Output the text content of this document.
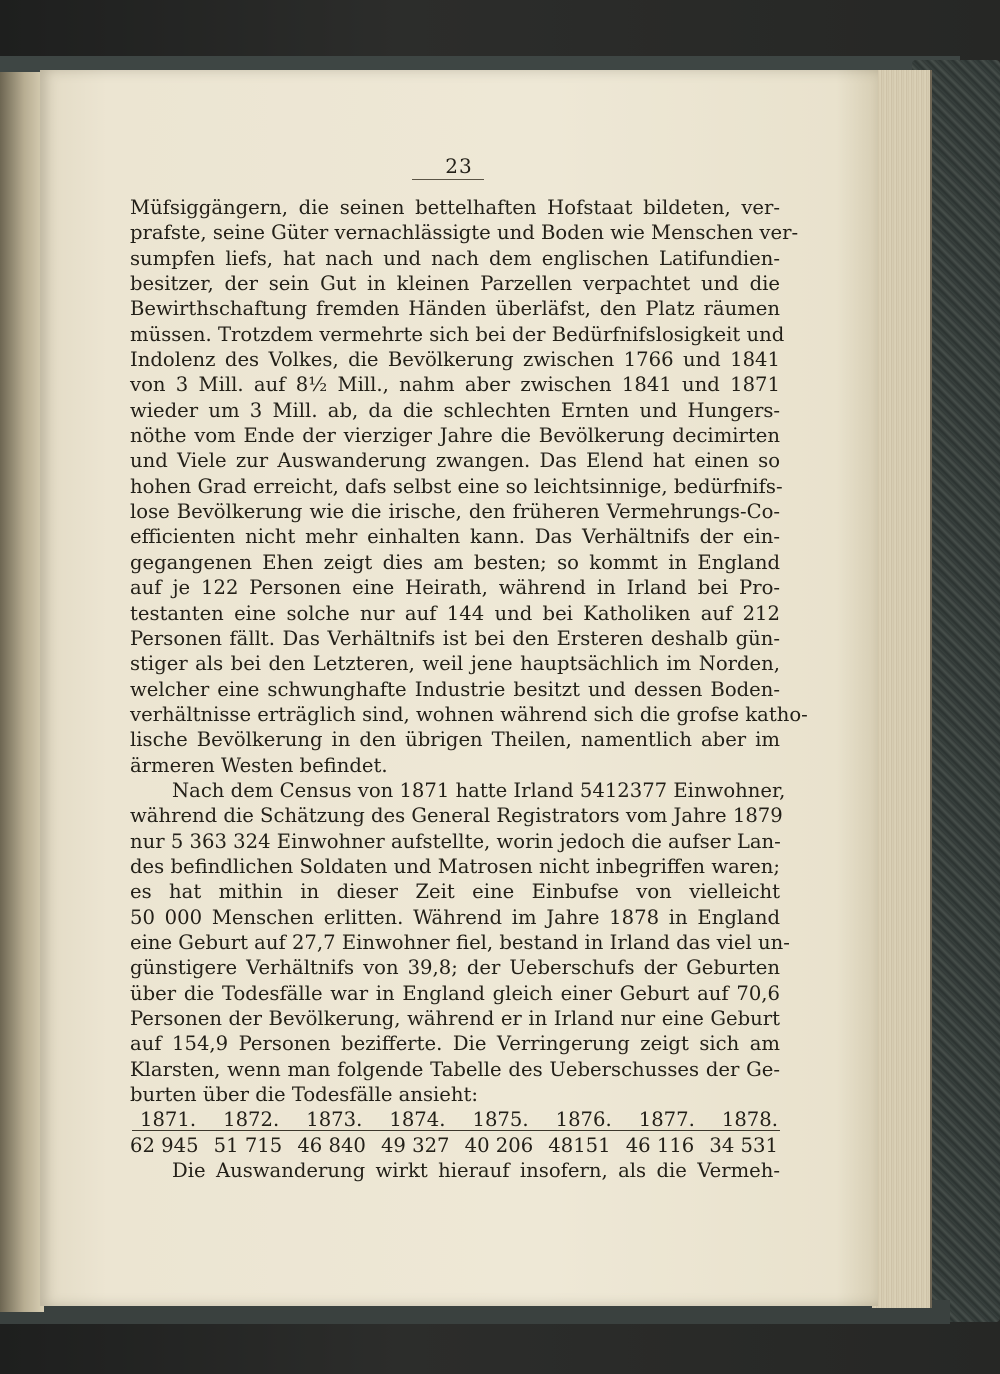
23
Müfsiggängern, die seinen bettelhaften Hofstaat bildeten, ver-
prafste, seine Güter vernachlässigte und Boden wie Menschen ver-
sumpfen liefs, hat nach und nach dem englischen Latifundien-
besitzer, der sein Gut in kleinen Parzellen verpachtet und die
Bewirthschaftung fremden Händen überläfst, den Platz räumen
müssen. Trotzdem vermehrte sich bei der Bedürfnifslosigkeit und
Indolenz des Volkes, die Bevölkerung zwischen 1766 und 1841
von 3 Mill. auf 8½ Mill., nahm aber zwischen 1841 und 1871
wieder um 3 Mill. ab, da die schlechten Ernten und Hungers-
nöthe vom Ende der vierziger Jahre die Bevölkerung decimirten
und Viele zur Auswanderung zwangen. Das Elend hat einen so
hohen Grad erreicht, dafs selbst eine so leichtsinnige, bedürfnifs-
lose Bevölkerung wie die irische, den früheren Vermehrungs-Co-
efficienten nicht mehr einhalten kann. Das Verhältnifs der ein-
gegangenen Ehen zeigt dies am besten; so kommt in England
auf je 122 Personen eine Heirath, während in Irland bei Pro-
testanten eine solche nur auf 144 und bei Katholiken auf 212
Personen fällt. Das Verhältnifs ist bei den Ersteren deshalb gün-
stiger als bei den Letzteren, weil jene hauptsächlich im Norden,
welcher eine schwunghafte Industrie besitzt und dessen Boden-
verhältnisse erträglich sind, wohnen während sich die grofse katho-
lische Bevölkerung in den übrigen Theilen, namentlich aber im
ärmeren Westen befindet.
Nach dem Census von 1871 hatte Irland 5412377 Einwohner,
während die Schätzung des General Registrators vom Jahre 1879
nur 5 363 324 Einwohner aufstellte, worin jedoch die aufser Lan-
des befindlichen Soldaten und Matrosen nicht inbegriffen waren;
es hat mithin in dieser Zeit eine Einbufse von vielleicht
50 000 Menschen erlitten. Während im Jahre 1878 in England
eine Geburt auf 27,7 Einwohner fiel, bestand in Irland das viel un-
günstigere Verhältnifs von 39,8; der Ueberschufs der Geburten
über die Todesfälle war in England gleich einer Geburt auf 70,6
Personen der Bevölkerung, während er in Irland nur eine Geburt
auf 154,9 Personen bezifferte. Die Verringerung zeigt sich am
Klarsten, wenn man folgende Tabelle des Ueberschusses der Ge-
burten über die Todesfälle ansieht:
1871. 1872. 1873. 1874. 1875. 1876. 1877. 1878.
62 945 51 715 46 840 49 327 40 206 48151 46 116 34 531
Die Auswanderung wirkt hierauf insofern, als die Vermeh-
